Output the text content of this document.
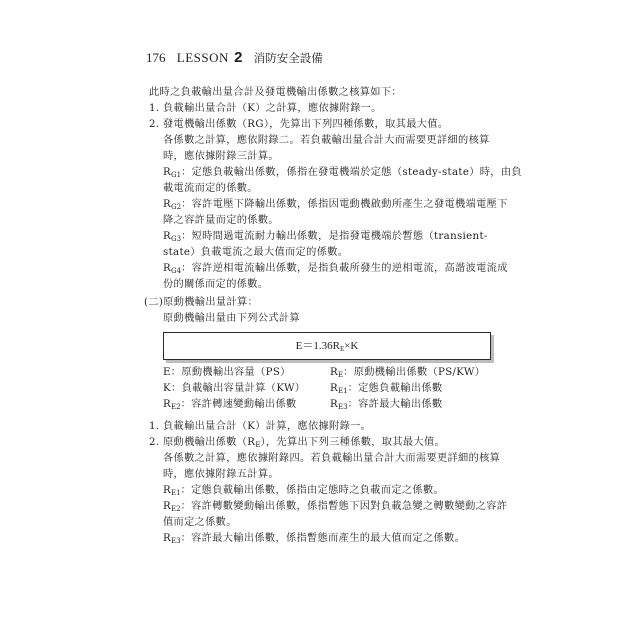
176 LESSON 2 消防安全設備
此時之負載輸出量合計及發電機輸出係數之核算如下：
1. 負載輸出量合計（K）之計算，應依據附錄一。
2. 發電機輸出係數（RG），先算出下列四種係數，取其最大值。
各係數之計算，應依附錄二。若負載輸出量合計大而需要更詳細的核算
時，應依據附錄三計算。
$R_{G1}$：定態負載輸出係數，係指在發電機端於定態（steady-state）時，由負
載電流而定的係數。
$R_{G2}$：容許電壓下降輸出係數，係指因電動機啟動所產生之發電機端電壓下
降之容許量而定的係數。
$R_{G3}$：短時間過電流耐力輸出係數，是指發電機端於暫態（transient-
state）負載電流之最大值而定的係數。
$R_{G4}$：容許逆相電流輸出係數，是指負載所發生的逆相電流，高諧波電流成
份的關係而定的係數。
(二)原動機輸出量計算：
原動機輸出量由下列公式計算
$E=1.36R_E\times K$
E：原動機輸出容量（PS）	$R_E$：原動機輸出係數（PS/KW）
K：負載輸出容量計算（KW） $R_{E1}$：定態負載輸出係數
$R_{E2}$：容許轉速變動輸出係數	$R_{E3}$：容許最大輸出係數
1. 負載輸出量合計（K）計算，應依據附錄一。
2. 原動機輸出係數$(R_E)$，先算出下列三種係數，取其最大值。
各係數之計算，應依據附錄四。若負載輸出量合計大而需要更詳細的核算
時，應依據附錄五計算。
$R_{E1}$：定態負載輸出係數，係指由定態時之負載而定之係數。
$R_{E2}$：容許轉數變動輸出係數，係指暫態下因對負載急變之轉數變動之容許
值而定之係數。
$R_{E3}$：容許最大輸出係數，係指暫態而產生的最大值而定之係數。
